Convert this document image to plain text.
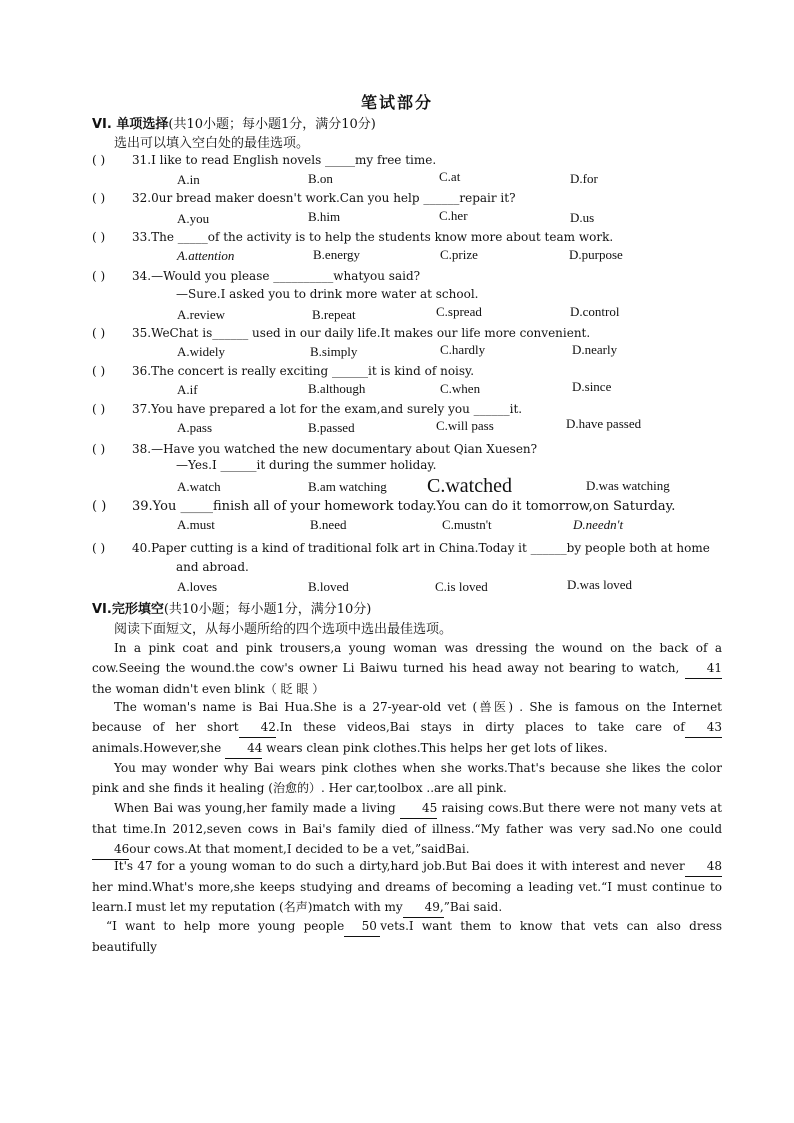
笔试部分
VI. 单项选择(共10小题；每小题1分，满分10分)
选出可以填入空白处的最佳选项。
( ) 31.I like to read English novels _____my free time.
A.in	B.on	C.at	D.for
( ) 32.0ur bread maker doesn't work.Can you help ______repair it?
A.you	B.him	C.her	D.us
( ) 33.The _____of the activity is to help the students know more about team work.
A.attention	B.energy	C.prize	D.purpose
( ) 34.—Would you please __________whatyou said?
—Sure.I asked you to drink more water at school.
A.review	B.repeat	C.spread	D.control
( ) 35.WeChat is______ used in our daily life.It makes our life more convenient.
A.widely	B.simply	C.hardly	D.nearly
( ) 36.The concert is really exciting ______it is kind of noisy.
A.if	B.although	C.when	D.since
( ) 37.You have prepared a lot for the exam,and surely you ______it.
A.pass	B.passed	C.will pass	D.have passed
( ) 38.—Have you watched the new documentary about Qian Xuesen?
—Yes.I ______it during the summer holiday.
A.watch	B.am watching C.watched	D.was watching
( ) 39.You _____finish all of your homework today.You can do it tomorrow,on Saturday.
A.must	B.need	C.mustn't	D.needn't
( ) 40.Paper cutting is a kind of traditional folk art in China.Today it ______by people both at home
and abroad.
A.loves	B.loved	C.is loved	D.was loved
VI.完形填空(共10小题；每小题1分，满分10分)
阅读下面短文，从每小题所给的四个选项中选出最佳选项。
In a pink coat and pink trousers,a young woman was dressing the wound on the back of a cow.Seeing the wound.the cow's owner Li Baiwu turned his head away not bearing to watch, 41 the woman didn't even blink（ 眨 眼 ）
The woman's name is Bai Hua.She is a 27-year-old vet (兽医) . She is famous on the Internet because of her short 42.In these videos,Bai stays in dirty places to take care of 43animals.However,she 44 wears clean pink clothes.This helps her get lots of likes.
You may wonder why Bai wears pink clothes when she works.That's because she likes the color pink and she finds it healing (治愈的）. Her car,toolbox ..are all pink.
When Bai was young,her family made a living 45 raising cows.But there were not many vets at that time.In 2012,seven cows in Bai's family died of illness.“My father was very sad.No one could46our cows.At that moment,I decided to be a vet,”saidBai.
It's 47 for a young woman to do such a dirty,hard job.But Bai does it with interest and never 48 her mind.What's more,she keeps studying and dreams of becoming a leading vet.“I must continue to learn.I must let my reputation (名声)match with my 49,”Bai said.
“I want to help more young people 50 vets.I want them to know that vets can also dress beautifully
